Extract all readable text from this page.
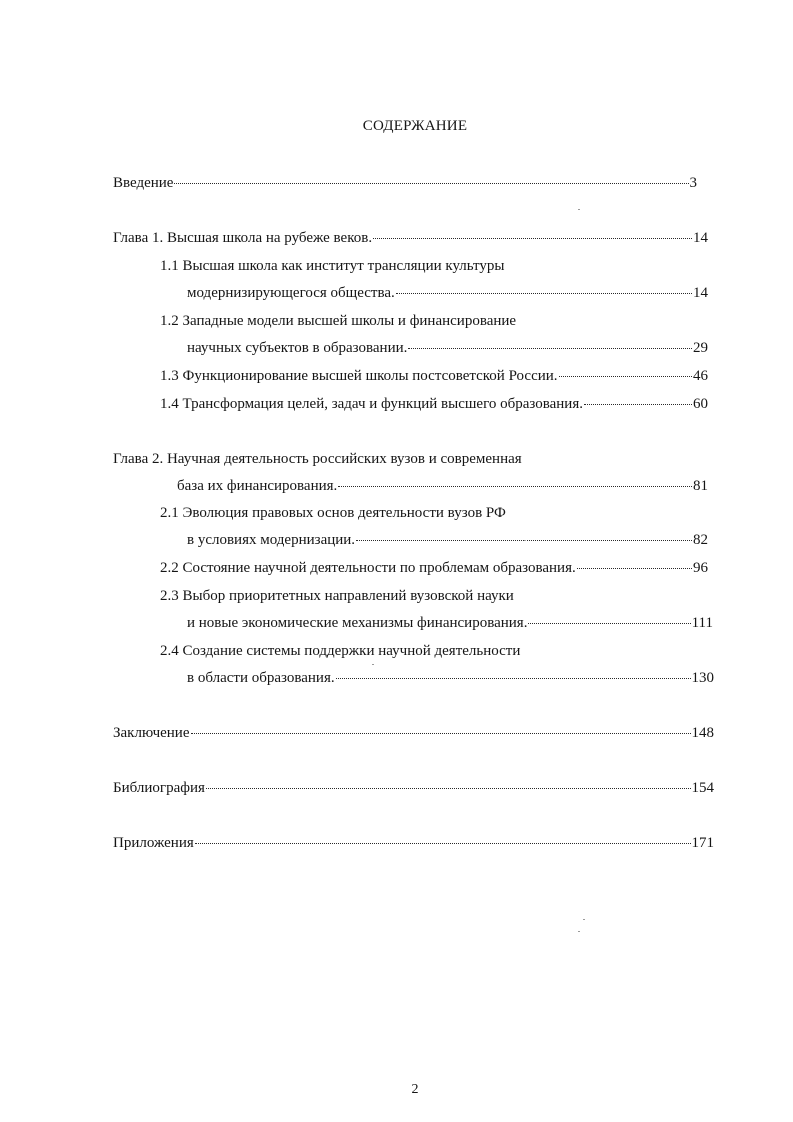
СОДЕРЖАНИЕ
Введение	3
Глава 1. Высшая школа на рубеже веков.	14
1.1 Высшая школа как институт трансляции культуры
модернизирующегося общества.	14
1.2 Западные модели высшей школы и финансирование
научных субъектов в образовании.	29
1.3 Функционирование высшей школы постсоветской России.	46
1.4 Трансформация целей, задач и функций высшего образования.	60
Глава 2. Научная деятельность российских вузов и современная
база их финансирования.	81
2.1 Эволюция правовых основ деятельности вузов РФ
в условиях модернизации.	82
2.2 Состояние научной деятельности по проблемам образования.	96
2.3 Выбор приоритетных направлений вузовской науки
и новые экономические механизмы финансирования.	111
2.4 Создание системы поддержки научной деятельности
в области образования.	130
Заключение	148
Библиография	154
Приложения	171
2
